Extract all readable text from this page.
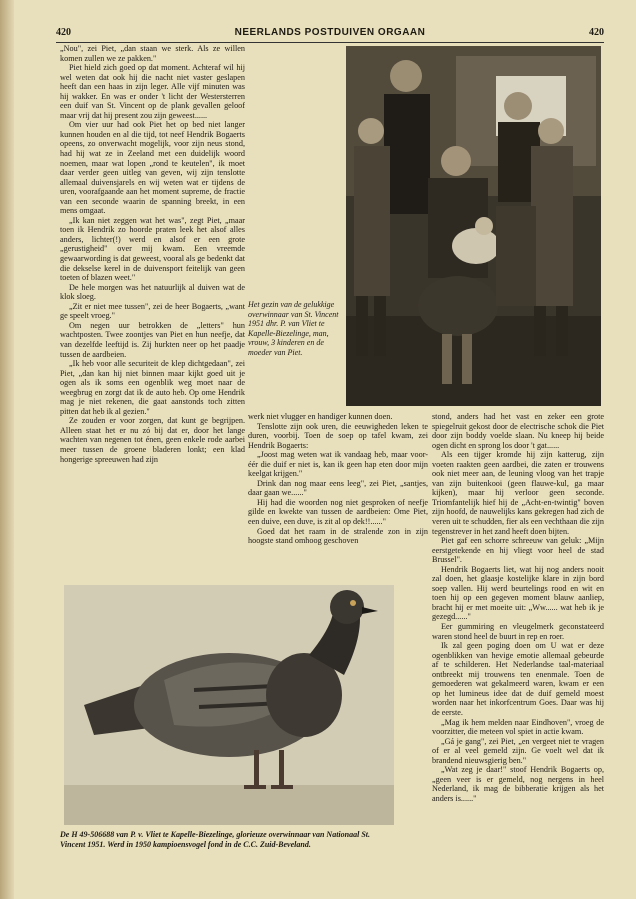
420	NEERLANDS POSTDUIVEN ORGAAN	420

„Nou", zei Piet, „dan staan we sterk. Als ze willen komen zullen we ze pakken."

Piet hield zich goed op dat moment. Achteraf wil hij wel weten dat ook hij die nacht niet vaster geslapen heeft dan een haas in zijn leger. Alle vijf minuten was hij wakker. En was er onder 't licht der Westersterren een duif van St. Vincent op de plank gevallen geloof maar vrij dat hij present zou zijn geweest......

Om vier uur had ook Piet het op bed niet langer kunnen houden en al die tijd, tot neef Hendrik Bogaerts opeens, zo onverwacht mogelijk, voor zijn neus stond, had hij wat ze in Zeeland met een duidelijk woord noemen, maar wat lopen „rond te keutelen", ik moet daar verder geen uitleg van geven, wij zijn tenslotte allemaal duivensjarels en wij weten wat er tijdens de uren, voorafgaande aan het moment supreme, de fractie van een seconde waarin de spanning breekt, in een mens omgaat.

„Ik kan niet zeggen wat het was", zegt Piet, „maar toen ik Hendrik zo hoorde praten leek het alsof alles anders, lichter(!) werd en alsof er een grote „gerustigheid" over mij kwam. Een vreemde gewaarwording is dat geweest, vooral als ge bedenkt dat die dekselse kerel in de duivensport feitelijk van geen toeten of blazen weet."

De hele morgen was het natuurlijk al duiven wat de klok sloeg.

„Zit er niet mee tussen", zei de heer Bogaerts, „want ge speelt vroeg."

Om negen uur betrokken de „letters" hun wachtposten. Twee zoontjes van Piet en hun neefje, dat van dezelfde leeftijd is. Zij hurkten neer op het paadje tussen de aardbeien.

„Ik heb voor alle securiteit de klep dichtgedaan", zei Piet, „dan kan hij niet binnen maar kijkt goed uit je ogen als ik soms een ogenblik weg moet naar de weegbrug en zorgt dat ik de auto heb. Op ome Hendrik mag je niet rekenen, die gaat aanstonds toch zitten pitten dat heb ik al gezien."

Ze zouden er voor zorgen, dat kunt ge begrijpen. Alleen staat het er nu zó bij dat er, door het lange wachten van negenen tot énen, geen enkele rode aarbei meer tussen de groene bladeren lonkt; een klad hongerige spreeuwen had zijn

Het gezin van de gelukkige overwinnaar van St. Vincent 1951 dhr. P. van Vliet te Kapelle-Biezelinge, man, vrouw, 3 kinderen en de moeder van Piet.

werk niet vlugger en handiger kunnen doen.

Tenslotte zijn ook uren, die eeuwigheden leken te duren, voorbij. Toen de soep op tafel kwam, zei Hendrik Bogaerts:

„Joost mag weten wat ik vandaag heb, maar voor-éér die duif er niet is, kan ik geen hap eten door mijn keelgat krijgen."

Drink dan nog maar eens leeg", zei Piet, „santjes, daar gaan we......"

Hij had die woorden nog niet gesproken of neefje gilde en kwekte van tussen de aardbeien: Ome Piet, een duive, een duve, is zit al op dek!!......"

Goed dat het raam in de stralende zon in zijn hoogste stand omhoog geschoven

stond, anders had het vast en zeker een grote spiegelruit gekost door de electrische schok die Piet door zijn boddy voelde slaan. Nu kneep hij beide ogen dicht en sprong los door 't gat......

Als een tijger kromde hij zijn katterug, zijn voeten raakten geen aardbei, die zaten er trouwens ook niet meer aan, de leuning vloog van het trapje van zijn buitenkooi (geen flauwe-kul, ga maar kijken), maar hij verloor geen seconde. Triomfantelijk hief hij de „Acht-en-twintig" boven zijn hoofd, de nauwelijks kans gekregen had zich de veren uit te schudden, fier als een vechthaan die zijn tegenstrever in het zand heeft doen bijten.

Piet gaf een schorre schreeuw van geluk: „Mijn eerstgetekende en hij vliegt voor heel de stad Brussel".

Hendrik Bogaerts liet, wat hij nog anders nooit zal doen, het glaasje kostelijke klare in zijn bord soep vallen. Hij werd beurtelings rood en wit en toen hij op een gegeven moment blauw aanliep, bracht hij er met moeite uit: „Ww...... wat heb ik je gezegd......"

Eer gummiring en vleugelmerk geconstateerd waren stond heel de buurt in rep en roer.

Ik zal geen poging doen om U wat er deze ogenblikken van hevige emotie allemaal gebeurde af te schilderen. Het Nederlandse taal-materiaal ontbreekt mij trouwens ten enenmale. Toen de gemoederen wat gekalmeerd waren, kwam er een op het lumineus idee dat de duif gemeld moest worden naar het inkorfcentrum Goes. Daar was hij de eerste.

„Mag ik hem melden naar Eindhoven", vroeg de voorzitter, die meteen vol spiet in actie kwam.

„Gá je gang", zei Piet, „en vergeet niet te vragen of er al veel gemeld zijn. Ge voelt wel dat ik brandend nieuwsgierig ben."

„Wat zeg je daar!" stoof Hendrik Bogaerts op, „geen veer is er gemeld, nog nergens in heel Nederland, ik mag de bibberatie krijgen als het anders is......"

De H 49-506688 van P. v. Vliet te Kapelle-Biezelinge, glorieuze overwinnaar van Nationaal St. Vincent 1951. Werd in 1950 kampioensvogel fond in de C.C. Zuid-Beveland.
